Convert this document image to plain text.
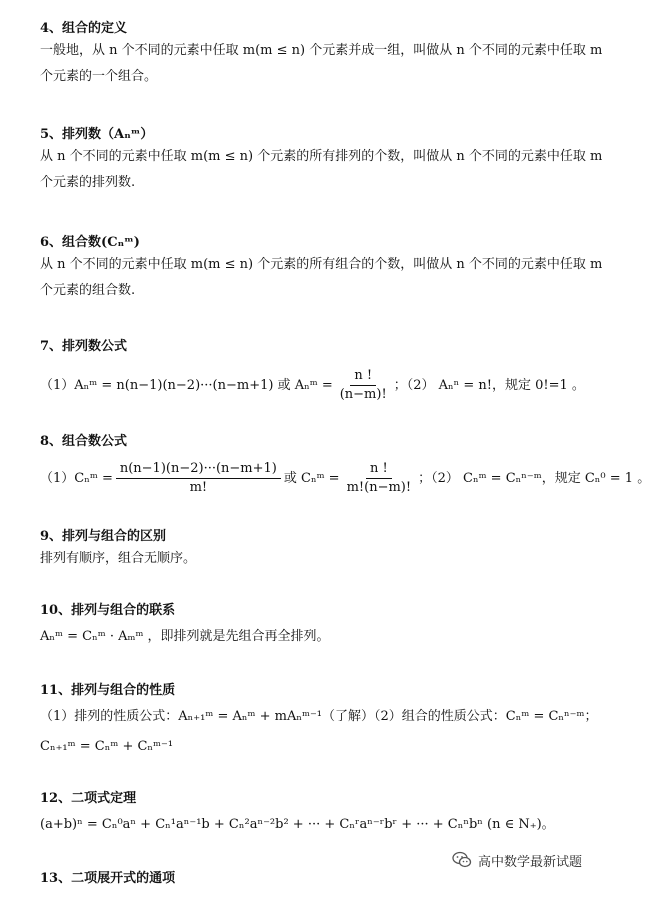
4、组合的定义

一般地，从 n 个不同的元素中任取 m(m ≤ n) 个元素并成一组，叫做从 n 个不同的元素中任取 m 个元素的一个组合。

5、排列数（Aₙᵐ）

从 n 个不同的元素中任取 m(m ≤ n) 个元素的所有排列的个数，叫做从 n 个不同的元素中任取 m 个元素的排列数.

6、组合数(Cₙᵐ)

从 n 个不同的元素中任取 m(m ≤ n) 个元素的所有组合的个数，叫做从 n 个不同的元素中任取 m 个元素的组合数.

7、排列数公式
（1）Aₙᵐ = n(n−1)(n−2)···(n−m+1) 或 Aₙᵐ = $\frac{n !}{(n-m)!}$ ；（2） Aₙⁿ = n!，规定 0!=1 。
8、组合数公式
（1）Cₙᵐ = $\frac{n(n-1)(n-2)\cdot\cdot\cdot(n-m+1)}{m!}$ 或 Cₙᵐ = $\frac{n !}{m!(n-m)!}$ ；（2） Cₙᵐ = Cₙⁿ⁻ᵐ，规定 Cₙ⁰ = 1 。
9、排列与组合的区别

排列有顺序，组合无顺序。

10、排列与组合的联系

Aₙᵐ = Cₙᵐ · Aₘᵐ ，即排列就是先组合再全排列。

11、排列与组合的性质

（1）排列的性质公式：Aₙ₊₁ᵐ = Aₙᵐ + mAₙᵐ⁻¹（了解）（2）组合的性质公式：Cₙᵐ = Cₙⁿ⁻ᵐ；

Cₙ₊₁ᵐ = Cₙᵐ + Cₙᵐ⁻¹

12、二项式定理

(a+b)ⁿ = Cₙ⁰aⁿ + Cₙ¹aⁿ⁻¹b + Cₙ²aⁿ⁻²b² + ··· + Cₙʳaⁿ⁻ʳbʳ + ··· + Cₙⁿbⁿ (n ∈ N₊)。

13、二项展开式的通项
高中数学最新试题
